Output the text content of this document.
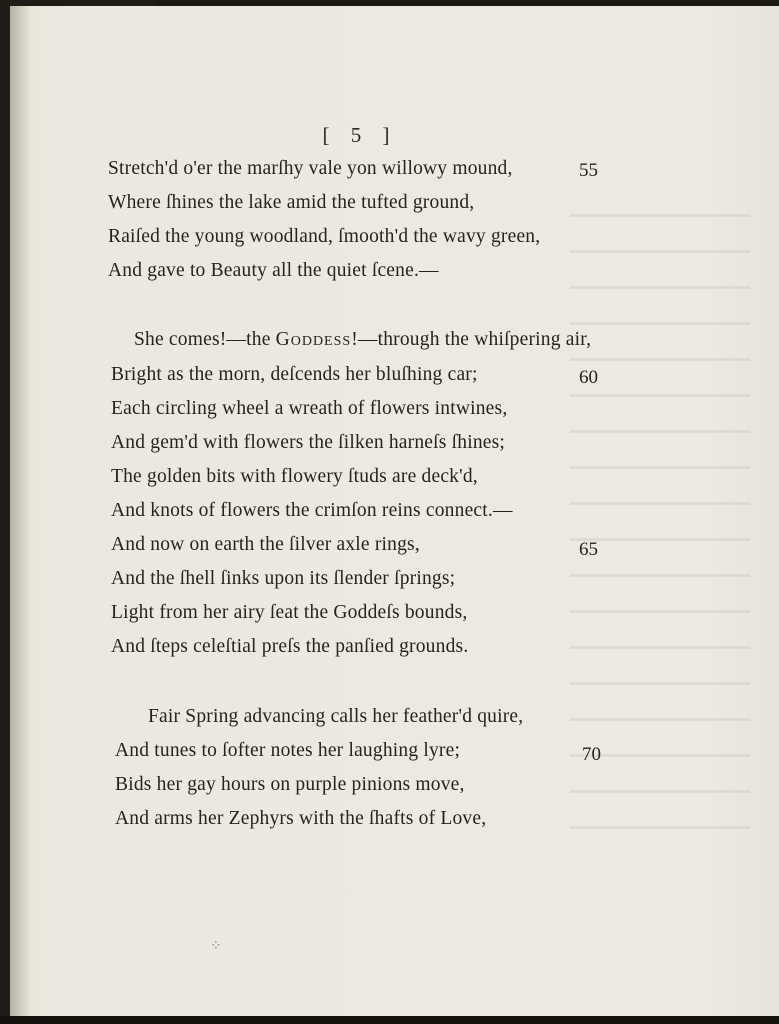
[ 5 ]
Stretch'd o'er the marſhy vale yon willowy mound,
Where ſhines the lake amid the tufted ground,
Raiſed the young woodland, ſmooth'd the wavy green,
And gave to Beauty all the quiet ſcene.—
55
She comes!—the Goddess!—through the whiſpering air,
Bright as the morn, deſcends her bluſhing car;
Each circling wheel a wreath of flowers intwines,
And gem'd with flowers the ſilken harneſs ſhines;
The golden bits with flowery ſtuds are deck'd,
And knots of flowers the crimſon reins connect.—
And now on earth the ſilver axle rings,
And the ſhell ſinks upon its ſlender ſprings;
Light from her airy ſeat the Goddeſs bounds,
And ſteps celeſtial preſs the panſied grounds.
60
65
Fair Spring advancing calls her feather'd quire,
And tunes to ſofter notes her laughing lyre;
Bids her gay hours on purple pinions move,
And arms her Zephyrs with the ſhafts of Love,
70
⁘
